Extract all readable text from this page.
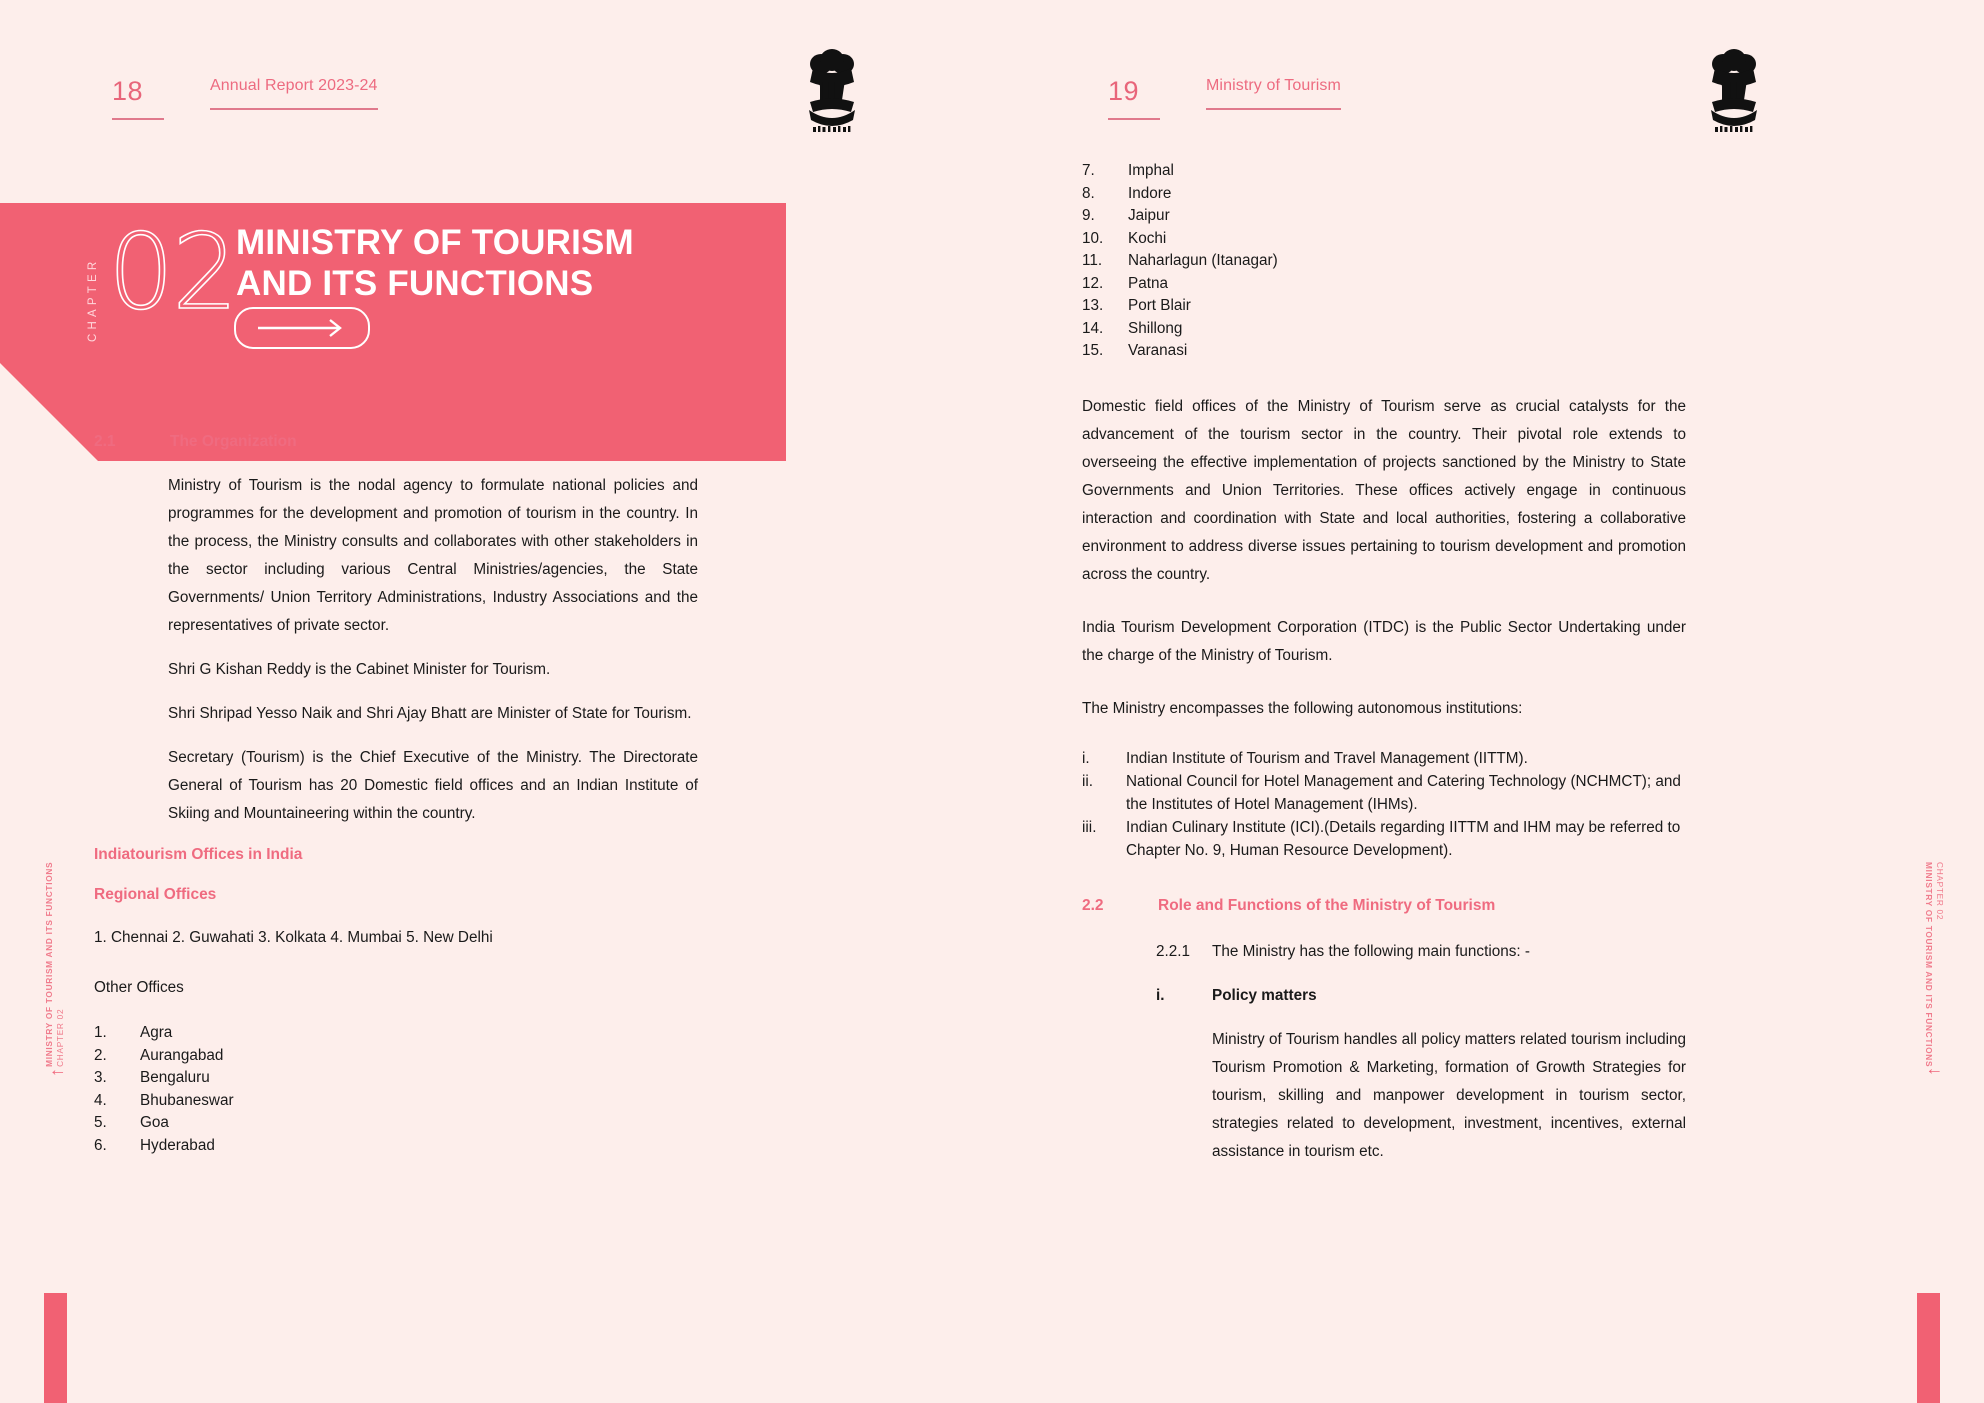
18	Annual Report 2023-24
CHAPTER 02 MINISTRY OF TOURISM
AND ITS FUNCTIONS
2.1	The Organization

Ministry of Tourism is the nodal agency to formulate national policies and programmes for the development and promotion of tourism in the country. In the process, the Ministry consults and collaborates with other stakeholders in the sector including various Central Ministries/agencies, the State Governments/ Union Territory Administrations, Industry Associations and the representatives of private sector.

Shri G Kishan Reddy is the Cabinet Minister for Tourism.

Shri Shripad Yesso Naik and Shri Ajay Bhatt are Minister of State for Tourism.

Secretary (Tourism) is the Chief Executive of the Ministry. The Directorate General of Tourism has 20 Domestic field offices and an Indian Institute of Skiing and Mountaineering within the country.

Indiatourism Offices in India

Regional Offices

1. Chennai 2. Guwahati 3. Kolkata 4. Mumbai 5. New Delhi

Other Offices

1.	Agra
2.	Aurangabad
3.	Bengaluru
4.	Bhubaneswar
5.	Goa
6.	Hyderabad
19	Ministry of Tourism
7.	Imphal
8.	Indore
9.	Jaipur
10.	Kochi
11.	Naharlagun (Itanagar)
12.	Patna
13.	Port Blair
14.	Shillong
15.	Varanasi

Domestic field offices of the Ministry of Tourism serve as crucial catalysts for the advancement of the tourism sector in the country. Their pivotal role extends to overseeing the effective implementation of projects sanctioned by the Ministry to State Governments and Union Territories. These offices actively engage in continuous interaction and coordination with State and local authorities, fostering a collaborative environment to address diverse issues pertaining to tourism development and promotion across the country.

India Tourism Development Corporation (ITDC) is the Public Sector Undertaking under the charge of the Ministry of Tourism.

The Ministry encompasses the following autonomous institutions:

i.	Indian Institute of Tourism and Travel Management (IITTM).
ii.	National Council for Hotel Management and Catering Technology (NCHMCT); and the Institutes of Hotel Management (IHMs).
iii.	Indian Culinary Institute (ICI).(Details regarding IITTM and IHM may be referred to Chapter No. 9, Human Resource Development).
2.2	Role and Functions of the Ministry of Tourism
2.2.1	The Ministry has the following main functions: -
i.	Policy matters

Ministry of Tourism handles all policy matters related tourism including Tourism Promotion & Marketing, formation of Growth Strategies for tourism, skilling and manpower development in tourism sector, strategies related to development, investment, incentives, external assistance in tourism etc.

↑
CHAPTER 02
MINISTRY OF TOURISM AND ITS FUNCTIONS	CHAPTER 02
MINISTRY OF TOURISM AND ITS FUNCTIONS
↓
